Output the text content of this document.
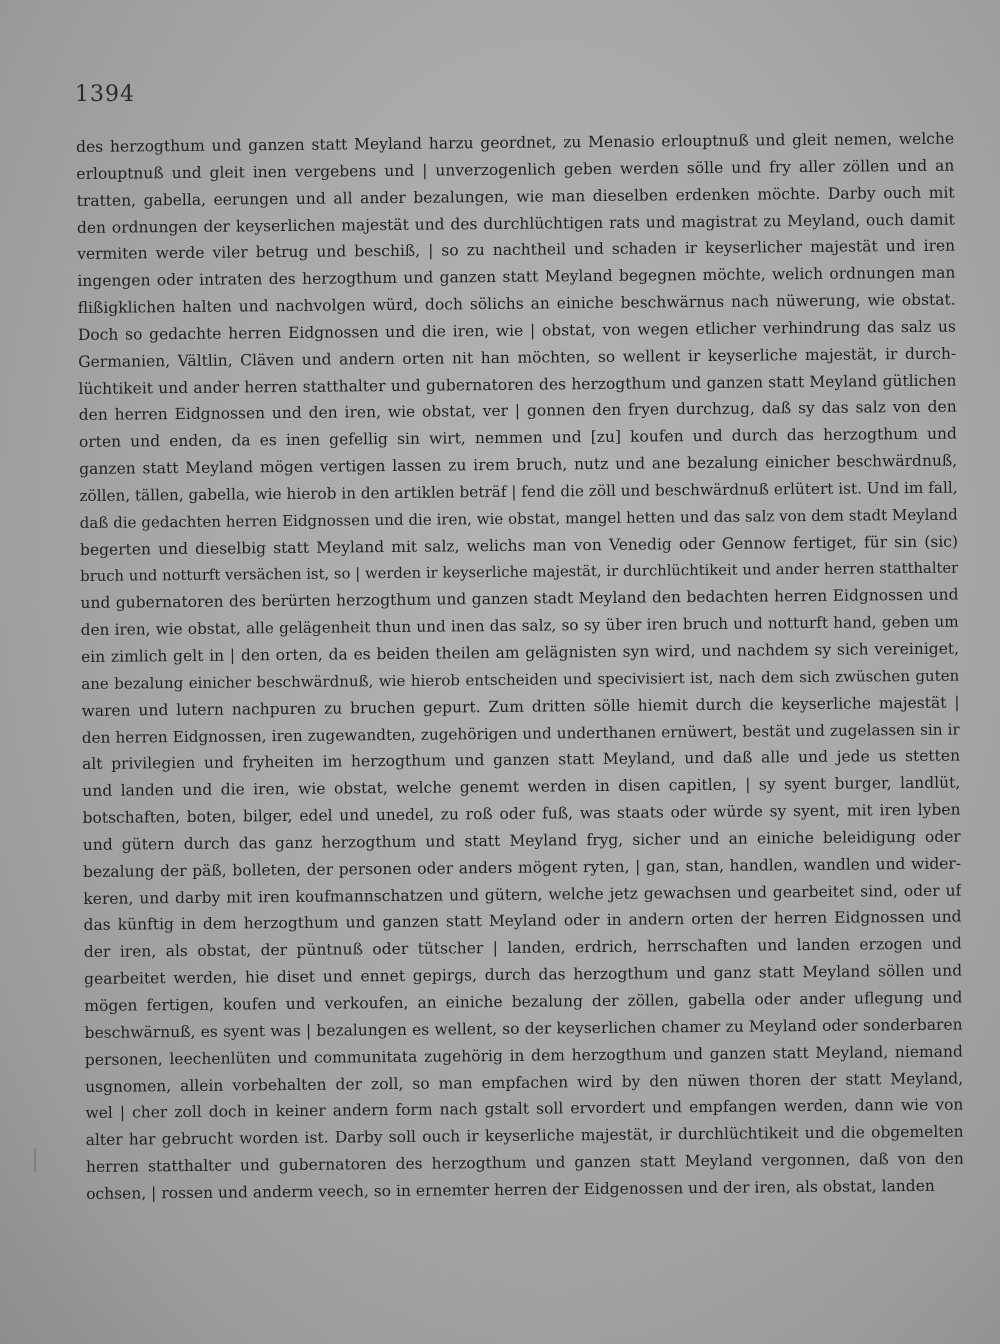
1394
des herzogthum und ganzen statt Meyland harzu geordnet, zu Menasio erlouptnuß und gleit nemen, welche
erlouptnuß und gleit inen vergebens und | unverzogenlich geben werden sölle und fry aller zöllen und an
tratten, gabella, eerungen und all ander bezalungen, wie man dieselben erdenken möchte. Darby ouch mit
den ordnungen der keyserlichen majestät und des durchlüchtigen rats und magistrat zu Meyland, ouch damit
vermiten werde viler betrug und beschiß, | so zu nachtheil und schaden ir keyserlicher majestät und iren
ingengen oder intraten des herzogthum und ganzen statt Meyland begegnen möchte, welich ordnungen man
flißigklichen halten und nachvolgen würd, doch sölichs an einiche beschwärnus nach nüwerung, wie obstat.
Doch so gedachte herren Eidgnossen und die iren, wie | obstat, von wegen etlicher verhindrung das salz us
Germanien, Vältlin, Cläven und andern orten nit han möchten, so wellent ir keyserliche majestät, ir durch-
lüchtikeit und ander herren statthalter und gubernatoren des herzogthum und ganzen statt Meyland gütlichen
den herren Eidgnossen und den iren, wie obstat, ver | gonnen den fryen durchzug, daß sy das salz von den
orten und enden, da es inen gefellig sin wirt, nemmen und [zu] koufen und durch das herzogthum und
ganzen statt Meyland mögen vertigen lassen zu irem bruch, nutz und ane bezalung einicher beschwärdnuß,
zöllen, tällen, gabella, wie hierob in den artiklen beträf | fend die zöll und beschwärdnuß erlütert ist. Und im fall,
daß die gedachten herren Eidgnossen und die iren, wie obstat, mangel hetten und das salz von dem stadt Meyland
begerten und dieselbig statt Meyland mit salz, welichs man von Venedig oder Gennow fertiget, für sin (sic)
bruch und notturft versächen ist, so | werden ir keyserliche majestät, ir durchlüchtikeit und ander herren statthalter
und gubernatoren des berürten herzogthum und ganzen stadt Meyland den bedachten herren Eidgnossen und
den iren, wie obstat, alle gelägenheit thun und inen das salz, so sy über iren bruch und notturft hand, geben um
ein zimlich gelt in | den orten, da es beiden theilen am gelägnisten syn wird, und nachdem sy sich vereiniget,
ane bezalung einicher beschwärdnuß, wie hierob entscheiden und specivisiert ist, nach dem sich zwüschen guten
waren und lutern nachpuren zu bruchen gepurt. Zum dritten sölle hiemit durch die keyserliche majestät |
den herren Eidgnossen, iren zugewandten, zugehörigen und underthanen ernüwert, bestät und zugelassen sin ir
alt privilegien und fryheiten im herzogthum und ganzen statt Meyland, und daß alle und jede us stetten
und landen und die iren, wie obstat, welche genemt werden in disen capitlen, | sy syent burger, landlüt,
botschaften, boten, bilger, edel und unedel, zu roß oder fuß, was staats oder würde sy syent, mit iren lyben
und gütern durch das ganz herzogthum und statt Meyland fryg, sicher und an einiche beleidigung oder
bezalung der päß, bolleten, der personen oder anders mögent ryten, | gan, stan, handlen, wandlen und wider-
keren, und darby mit iren koufmannschatzen und gütern, welche jetz gewachsen und gearbeitet sind, oder uf
das künftig in dem herzogthum und ganzen statt Meyland oder in andern orten der herren Eidgnossen und
der iren, als obstat, der püntnuß oder tütscher | landen, erdrich, herrschaften und landen erzogen und
gearbeitet werden, hie diset und ennet gepirgs, durch das herzogthum und ganz statt Meyland söllen und
mögen fertigen, koufen und verkoufen, an einiche bezalung der zöllen, gabella oder ander uflegung und
beschwärnuß, es syent was | bezalungen es wellent, so der keyserlichen chamer zu Meyland oder sonderbaren
personen, leechenlüten und communitata zugehörig in dem herzogthum und ganzen statt Meyland, niemand
usgnomen, allein vorbehalten der zoll, so man empfachen wird by den nüwen thoren der statt Meyland,
wel | cher zoll doch in keiner andern form nach gstalt soll ervordert und empfangen werden, dann wie von
alter har gebrucht worden ist. Darby soll ouch ir keyserliche majestät, ir durchlüchtikeit und die obgemelten
herren statthalter und gubernatoren des herzogthum und ganzen statt Meyland vergonnen, daß von den
ochsen, | rossen und anderm veech, so in ernemter herren der Eidgenossen und der iren, als obstat, landen
